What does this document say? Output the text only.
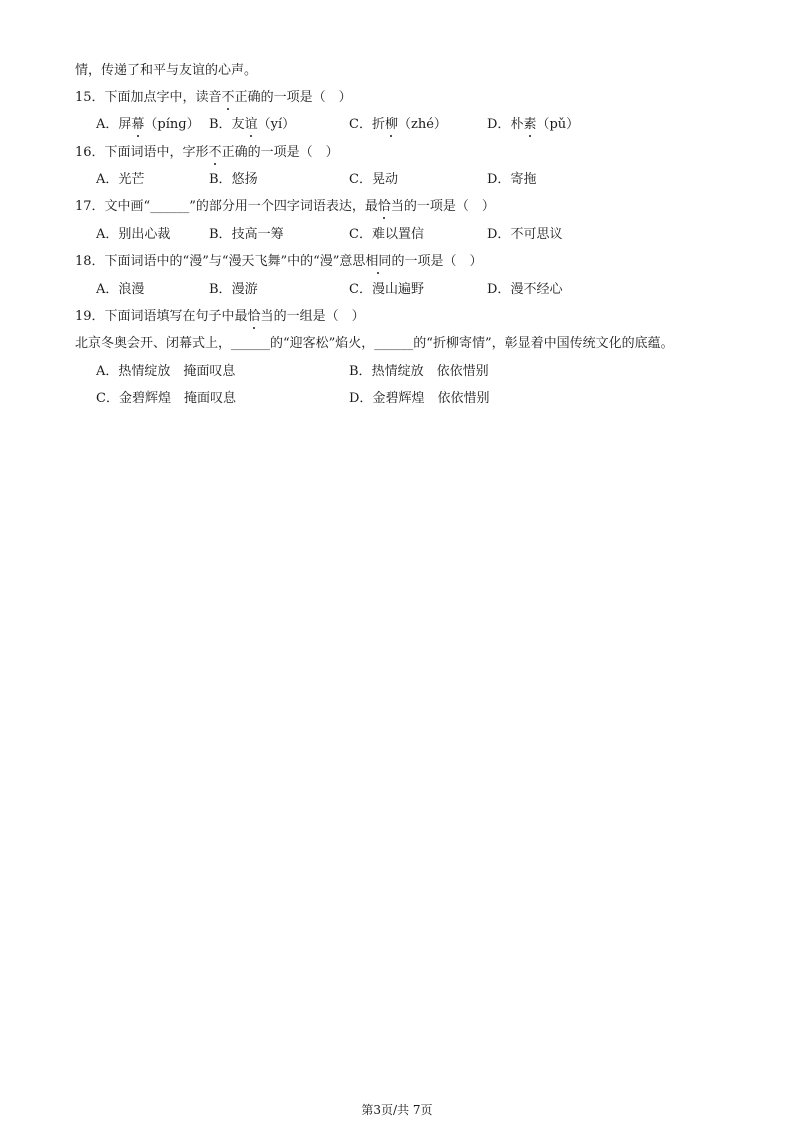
情，传递了和平与友谊的心声。
15．下面加点字中，读音不正确的一项是（　）
A．屏幕（pínɡ） B．友谊（yí）	C．折柳（zhé）	D．朴素（pǔ）
16．下面词语中，字形不正确的一项是（　）
A．光芒	B．悠扬	C．晃动	D．寄拖
17．文中画“______”的部分用一个四字词语表达，最恰当的一项是（　）
A．别出心裁	B．技高一筹	C．难以置信	D．不可思议
18．下面词语中的“漫”与“漫天飞舞”中的“漫”意思相同的一项是（　）
A．浪漫	B．漫游	C．漫山遍野	D．漫不经心
19．下面词语填写在句子中最恰当的一组是（　）
北京冬奥会开、闭幕式上，______的“迎客松”焰火，______的“折柳寄情”，彰显着中国传统文化的底蕴。
A．热情绽放　掩面叹息	B．热情绽放　依依惜别
C．金碧辉煌　掩面叹息	D．金碧辉煌　依依惜别
第3页/共 7页
